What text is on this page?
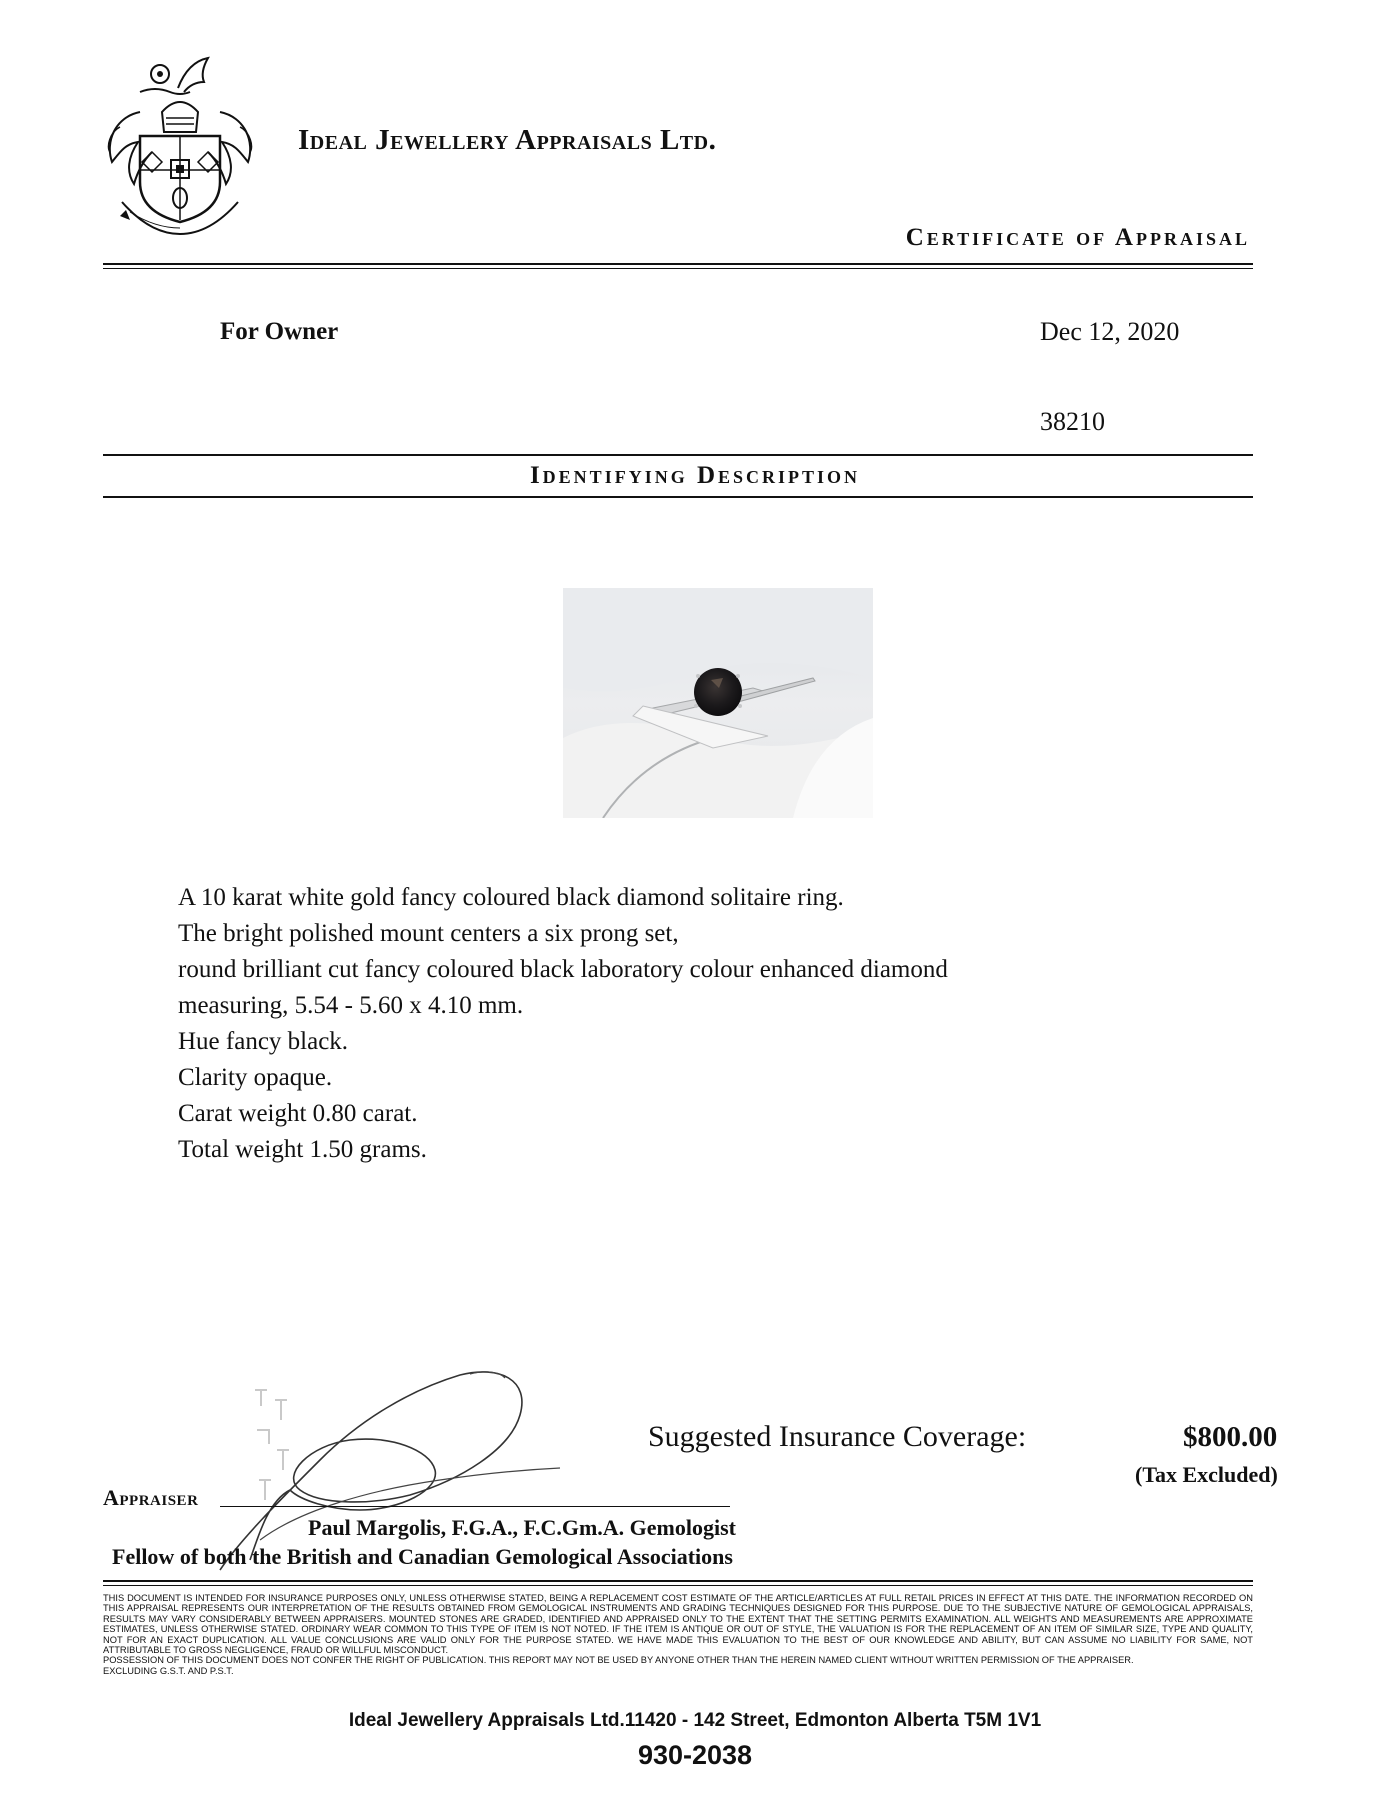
Ideal Jewellery Appraisals Ltd.
Certificate of Appraisal
For Owner	Dec 12, 2020
38210
Identifying Description
A 10 karat white gold fancy coloured black diamond solitaire ring.
The bright polished mount centers a six prong set,
round brilliant cut fancy coloured black laboratory colour enhanced diamond
measuring, 5.54 - 5.60 x 4.10 mm.
Hue fancy black.
Clarity opaque.
Carat weight 0.80 carat.
Total weight 1.50 grams.
Suggested Insurance Coverage:	$800.00
(Tax Excluded)
Appraiser
Paul Margolis, F.G.A., F.C.Gm.A. Gemologist
Fellow of both the British and Canadian Gemological Associations

THIS DOCUMENT IS INTENDED FOR INSURANCE PURPOSES ONLY, UNLESS OTHERWISE STATED, BEING A REPLACEMENT COST ESTIMATE OF THE ARTICLE/ARTICLES AT FULL RETAIL PRICES IN EFFECT AT THIS DATE. THE INFORMATION RECORDED ON THIS APPRAISAL REPRESENTS OUR INTERPRETATION OF THE RESULTS OBTAINED FROM GEMOLOGICAL INSTRUMENTS AND GRADING TECHNIQUES DESIGNED FOR THIS PURPOSE. DUE TO THE SUBJECTIVE NATURE OF GEMOLOGICAL APPRAISALS, RESULTS MAY VARY CONSIDERABLY BETWEEN APPRAISERS. MOUNTED STONES ARE GRADED, IDENTIFIED AND APPRAISED ONLY TO THE EXTENT THAT THE SETTING PERMITS EXAMINATION. ALL WEIGHTS AND MEASUREMENTS ARE APPROXIMATE ESTIMATES, UNLESS OTHERWISE STATED. ORDINARY WEAR COMMON TO THIS TYPE OF ITEM IS NOT NOTED. IF THE ITEM IS ANTIQUE OR OUT OF STYLE, THE VALUATION IS FOR THE REPLACEMENT OF AN ITEM OF SIMILAR SIZE, TYPE AND QUALITY, NOT FOR AN EXACT DUPLICATION. ALL VALUE CONCLUSIONS ARE VALID ONLY FOR THE PURPOSE STATED. WE HAVE MADE THIS EVALUATION TO THE BEST OF OUR KNOWLEDGE AND ABILITY, BUT CAN ASSUME NO LIABILITY FOR SAME, NOT ATTRIBUTABLE TO GROSS NEGLIGENCE, FRAUD OR WILLFUL MISCONDUCT.

POSSESSION OF THIS DOCUMENT DOES NOT CONFER THE RIGHT OF PUBLICATION. THIS REPORT MAY NOT BE USED BY ANYONE OTHER THAN THE HEREIN NAMED CLIENT WITHOUT WRITTEN PERMISSION OF THE APPRAISER.

EXCLUDING G.S.T. AND P.S.T.

Ideal Jewellery Appraisals Ltd.11420 - 142 Street, Edmonton Alberta T5M 1V1
930-2038
